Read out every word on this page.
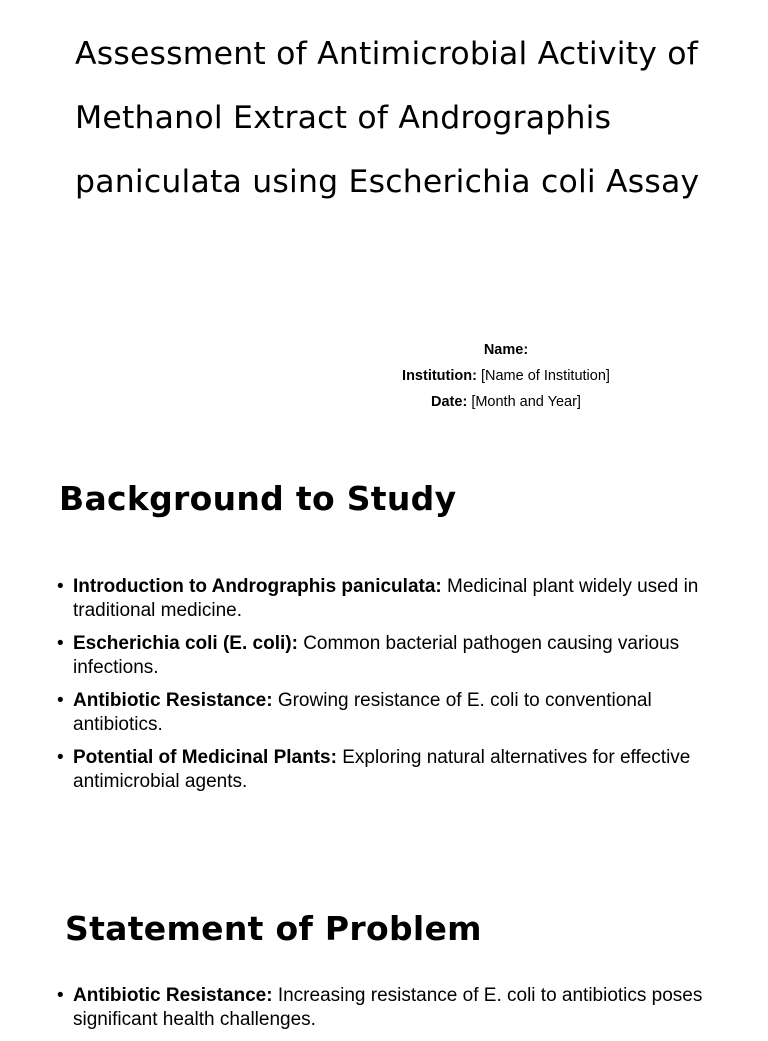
Assessment of Antimicrobial Activity of Methanol Extract of Andrographis paniculata using Escherichia coli Assay
Name:
Institution: [Name of Institution]
Date: [Month and Year]
Background to Study
• Introduction to Andrographis paniculata: Medicinal plant widely used in traditional medicine.
• Escherichia coli (E. coli): Common bacterial pathogen causing various infections.
• Antibiotic Resistance: Growing resistance of E. coli to conventional antibiotics.
• Potential of Medicinal Plants: Exploring natural alternatives for effective antimicrobial agents.
Statement of Problem
• Antibiotic Resistance: Increasing resistance of E. coli to antibiotics poses significant health challenges.
